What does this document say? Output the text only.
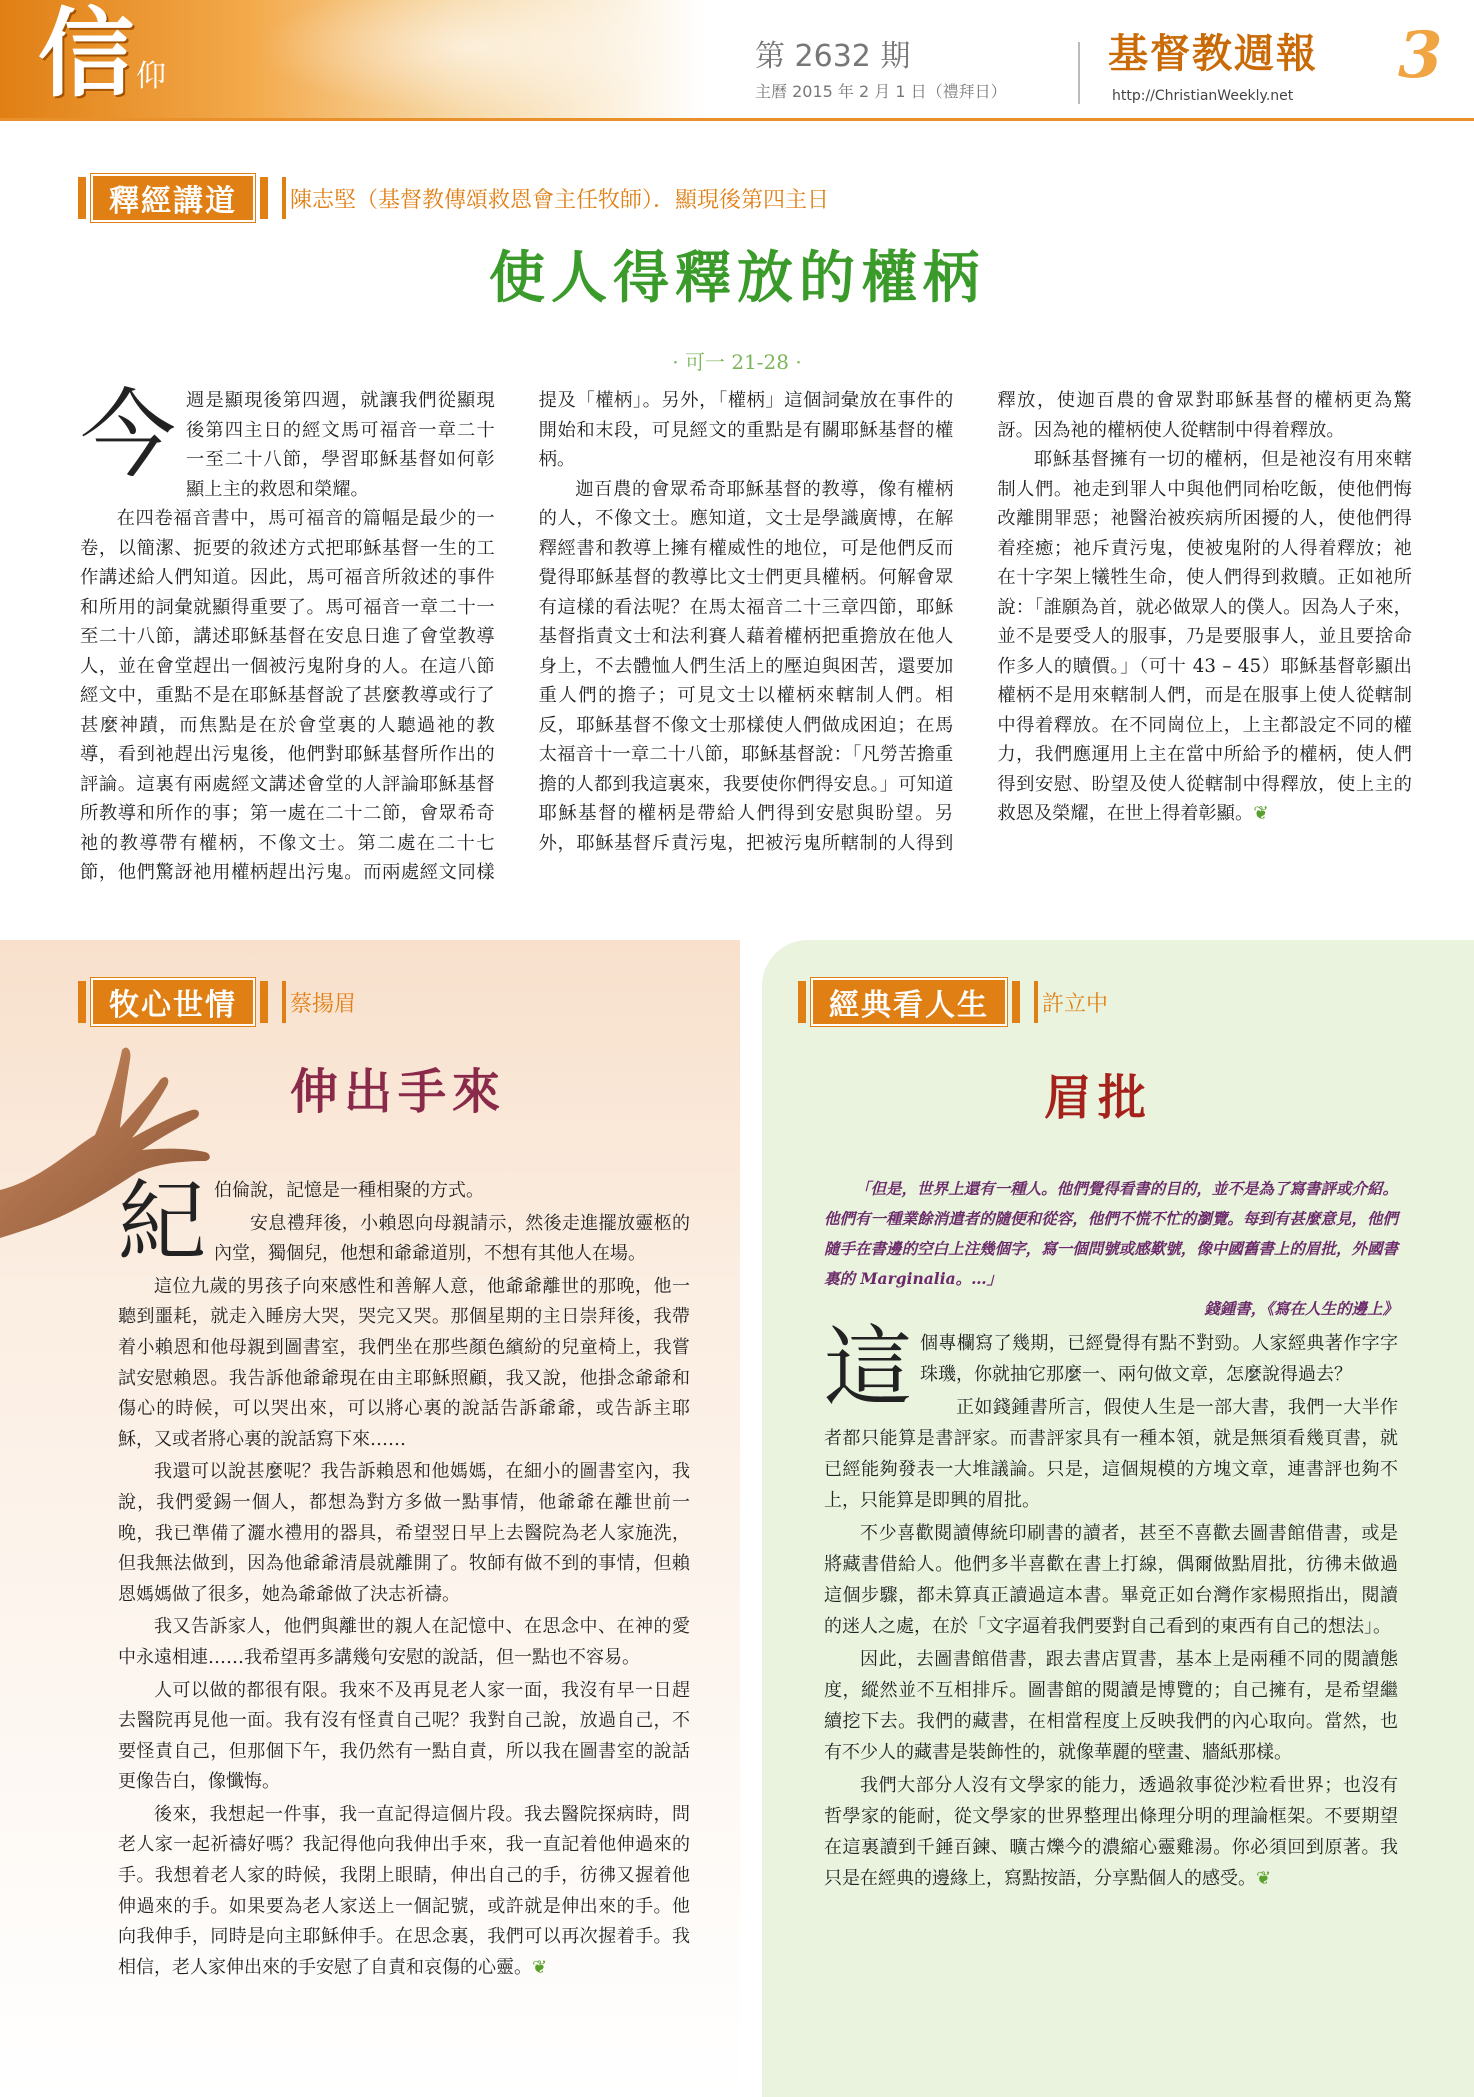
信 仰
第 2632 期
主曆 2015 年 2 月 1 日（禮拜日）
基督教週報
http://ChristianWeekly.net
3
釋經講道	陳志堅（基督教傳頌救恩會主任牧師）．顯現後第四主日
使人得釋放的權柄
· 可一 21-28 ·

今週是顯現後第四週，就讓我們從顯現後第四主日的經文馬可福音一章二十一至二十八節，學習耶穌基督如何彰顯上主的救恩和榮耀。

在四卷福音書中，馬可福音的篇幅是最少的一卷，以簡潔、扼要的敘述方式把耶穌基督一生的工作講述給人們知道。因此，馬可福音所敘述的事件和所用的詞彙就顯得重要了。馬可福音一章二十一至二十八節，講述耶穌基督在安息日進了會堂教導人，並在會堂趕出一個被污鬼附身的人。在這八節經文中，重點不是在耶穌基督說了甚麼教導或行了甚麼神蹟，而焦點是在於會堂裏的人聽過祂的教導，看到祂趕出污鬼後，他們對耶穌基督所作出的評論。這裏有兩處經文講述會堂的人評論耶穌基督所教導和所作的事；第一處在二十二節，會眾希奇祂的教導帶有權柄，不像文士。第二處在二十七節，他們驚訝祂用權柄趕出污鬼。而兩處經文同樣提及「權柄」。另外，「權柄」這個詞彙放在事件的開始和末段，可見經文的重點是有關耶穌基督的權柄。

迦百農的會眾希奇耶穌基督的教導，像有權柄的人，不像文士。應知道，文士是學識廣博，在解釋經書和教導上擁有權威性的地位，可是他們反而覺得耶穌基督的教導比文士們更具權柄。何解會眾有這樣的看法呢？在馬太福音二十三章四節，耶穌基督指責文士和法利賽人藉着權柄把重擔放在他人身上，不去體恤人們生活上的壓迫與困苦，還要加重人們的擔子；可見文士以權柄來轄制人們。相反，耶穌基督不像文士那樣使人們做成困迫；在馬太福音十一章二十八節，耶穌基督說：「凡勞苦擔重擔的人都到我這裏來，我要使你們得安息。」可知道耶穌基督的權柄是帶給人們得到安慰與盼望。另外，耶穌基督斥責污鬼，把被污鬼所轄制的人得到釋放，使迦百農的會眾對耶穌基督的權柄更為驚訝。因為祂的權柄使人從轄制中得着釋放。

耶穌基督擁有一切的權柄，但是祂沒有用來轄制人們。祂走到罪人中與他們同枱吃飯，使他們悔改離開罪惡；祂醫治被疾病所困擾的人，使他們得着痊癒；祂斥責污鬼，使被鬼附的人得着釋放；祂在十字架上犧牲生命，使人們得到救贖。正如祂所說：「誰願為首，就必做眾人的僕人。因為人子來，並不是要受人的服事，乃是要服事人，並且要捨命作多人的贖價。」（可十 43 – 45）耶穌基督彰顯出權柄不是用來轄制人們，而是在服事上使人從轄制中得着釋放。在不同崗位上，上主都設定不同的權力，我們應運用上主在當中所給予的權柄，使人們得到安慰、盼望及使人從轄制中得釋放，使上主的救恩及榮耀，在世上得着彰顯。❦

牧心世情	蔡揚眉
伸出手來

紀伯倫說，記憶是一種相聚的方式。

安息禮拜後，小賴恩向母親請示，然後走進擺放靈柩的內堂，獨個兒，他想和爺爺道別，不想有其他人在場。

這位九歲的男孩子向來感性和善解人意，他爺爺離世的那晚，他一聽到噩耗，就走入睡房大哭，哭完又哭。那個星期的主日崇拜後，我帶着小賴恩和他母親到圖書室，我們坐在那些顏色繽紛的兒童椅上，我嘗試安慰賴恩。我告訴他爺爺現在由主耶穌照顧，我又說，他掛念爺爺和傷心的時候，可以哭出來，可以將心裏的說話告訴爺爺，或告訴主耶穌，又或者將心裏的說話寫下來……

我還可以說甚麼呢？我告訴賴恩和他媽媽，在細小的圖書室內，我說，我們愛錫一個人，都想為對方多做一點事情，他爺爺在離世前一晚，我已準備了灑水禮用的器具，希望翌日早上去醫院為老人家施洗，但我無法做到，因為他爺爺清晨就離開了。牧師有做不到的事情，但賴恩媽媽做了很多，她為爺爺做了決志祈禱。

我又告訴家人，他們與離世的親人在記憶中、在思念中、在神的愛中永遠相連……我希望再多講幾句安慰的說話，但一點也不容易。

人可以做的都很有限。我來不及再見老人家一面，我沒有早一日趕去醫院再見他一面。我有沒有怪責自己呢？我對自己說，放過自己，不要怪責自己，但那個下午，我仍然有一點自責，所以我在圖書室的說話更像告白，像懺悔。

後來，我想起一件事，我一直記得這個片段。我去醫院探病時，問老人家一起祈禱好嗎？我記得他向我伸出手來，我一直記着他伸過來的手。我想着老人家的時候，我閉上眼睛，伸出自己的手，彷彿又握着他伸過來的手。如果要為老人家送上一個記號，或許就是伸出來的手。他向我伸手，同時是向主耶穌伸手。在思念裏，我們可以再次握着手。我相信，老人家伸出來的手安慰了自責和哀傷的心靈。❦

經典看人生	許立中
眉批

「但是，世界上還有一種人。他們覺得看書的目的，並不是為了寫書評或介紹。他們有一種業餘消遣者的隨便和從容，他們不慌不忙的瀏覽。每到有甚麼意見，他們隨手在書邊的空白上注幾個字，寫一個問號或感歎號，像中國舊書上的眉批，外國書裏的 Marginalia。…」

錢鍾書，《寫在人生的邊上》

這個專欄寫了幾期，已經覺得有點不對勁。人家經典著作字字珠璣，你就抽它那麼一、兩句做文章，怎麼說得過去？

正如錢鍾書所言，假使人生是一部大書，我們一大半作者都只能算是書評家。而書評家具有一種本領，就是無須看幾頁書，就已經能夠發表一大堆議論。只是，這個規模的方塊文章，連書評也夠不上，只能算是即興的眉批。

不少喜歡閱讀傳統印刷書的讀者，甚至不喜歡去圖書館借書，或是將藏書借給人。他們多半喜歡在書上打線，偶爾做點眉批，彷彿未做過這個步驟，都未算真正讀過這本書。畢竟正如台灣作家楊照指出，閱讀的迷人之處，在於「文字逼着我們要對自己看到的東西有自己的想法」。

因此，去圖書館借書，跟去書店買書，基本上是兩種不同的閱讀態度，縱然並不互相排斥。圖書館的閱讀是博覽的；自己擁有，是希望繼續挖下去。我們的藏書，在相當程度上反映我們的內心取向。當然，也有不少人的藏書是裝飾性的，就像華麗的壁畫、牆紙那樣。

我們大部分人沒有文學家的能力，透過敘事從沙粒看世界；也沒有哲學家的能耐，從文學家的世界整理出條理分明的理論框架。不要期望在這裏讀到千錘百鍊、曠古爍今的濃縮心靈雞湯。你必須回到原著。我只是在經典的邊緣上，寫點按語，分享點個人的感受。❦
